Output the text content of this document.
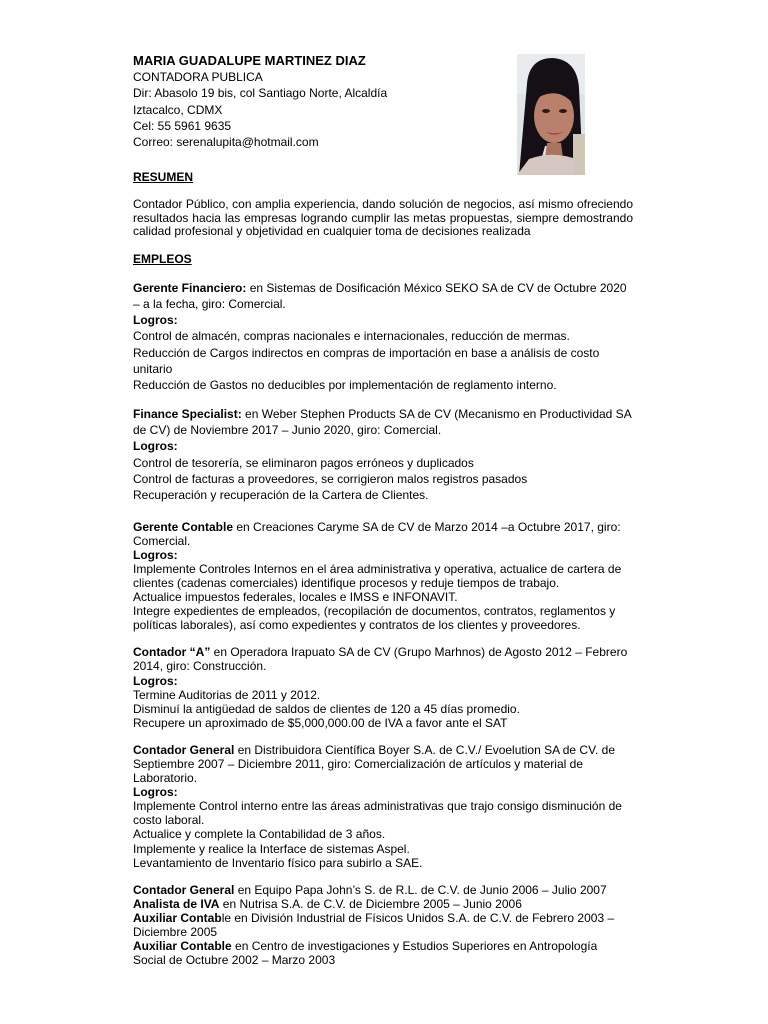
MARIA GUADALUPE MARTINEZ DIAZ

CONTADORA PUBLICA

Dir: Abasolo 19 bis, col Santiago Norte, Alcaldía

Iztacalco, CDMX

Cel: 55 5961 9635

Correo: serenalupita@hotmail.com

RESUMEN

Contador Público, con amplia experiencia, dando solución de negocios, así mismo ofreciendo resultados hacia las empresas logrando cumplir las metas propuestas, siempre demostrando calidad profesional y objetividad en cualquier toma de decisiones realizada

EMPLEOS

Gerente Financiero: en Sistemas de Dosificación México SEKO SA de CV de Octubre 2020 – a la fecha, giro: Comercial.

Logros:

Control de almacén, compras nacionales e internacionales, reducción de mermas.

Reducción de Cargos indirectos en compras de importación en base a análisis de costo unitario

Reducción de Gastos no deducibles por implementación de reglamento interno.

Finance Specialist: en Weber Stephen Products SA de CV (Mecanismo en Productividad SA de CV) de Noviembre 2017 – Junio 2020, giro: Comercial.

Logros:

Control de tesorería, se eliminaron pagos erróneos y duplicados

Control de facturas a proveedores, se corrigieron malos registros pasados

Recuperación y recuperación de la Cartera de Clientes.

Gerente Contable en Creaciones Caryme SA de CV de Marzo 2014 –a Octubre 2017, giro: Comercial.

Logros:

Implemente Controles Internos en el área administrativa y operativa, actualice de cartera de clientes (cadenas comerciales) identifique procesos y reduje tiempos de trabajo.

Actualice impuestos federales, locales e IMSS e INFONAVIT.

Integre expedientes de empleados, (recopilación de documentos, contratos, reglamentos y políticas laborales), así como expedientes y contratos de los clientes y proveedores.

Contador “A” en Operadora Irapuato SA de CV (Grupo Marhnos) de Agosto 2012 – Febrero 2014, giro: Construcción.

Logros:

Termine Auditorias de 2011 y 2012.

Disminuí la antigüedad de saldos de clientes de 120 a 45 días promedio.

Recupere un aproximado de $5,000,000.00 de IVA a favor ante el SAT

Contador General en Distribuidora Científica Boyer S.A. de C.V./ Evoelution SA de CV. de Septiembre 2007 – Diciembre 2011, giro: Comercialización de artículos y material de Laboratorio.

Logros:

Implemente Control interno entre las áreas administrativas que trajo consigo disminución de costo laboral.

Actualice y complete la Contabilidad de 3 años.

Implemente y realice la Interface de sistemas Aspel.

Levantamiento de Inventario físico para subirlo a SAE.

Contador General en Equipo Papa John’s S. de R.L. de C.V. de Junio 2006 – Julio 2007

Analista de IVA en Nutrisa S.A. de C.V. de Diciembre 2005 – Junio 2006

Auxiliar Contable en División Industrial de Físicos Unidos S.A. de C.V. de Febrero 2003 – Diciembre 2005

Auxiliar Contable en Centro de investigaciones y Estudios Superiores en Antropología Social de Octubre 2002 – Marzo 2003
